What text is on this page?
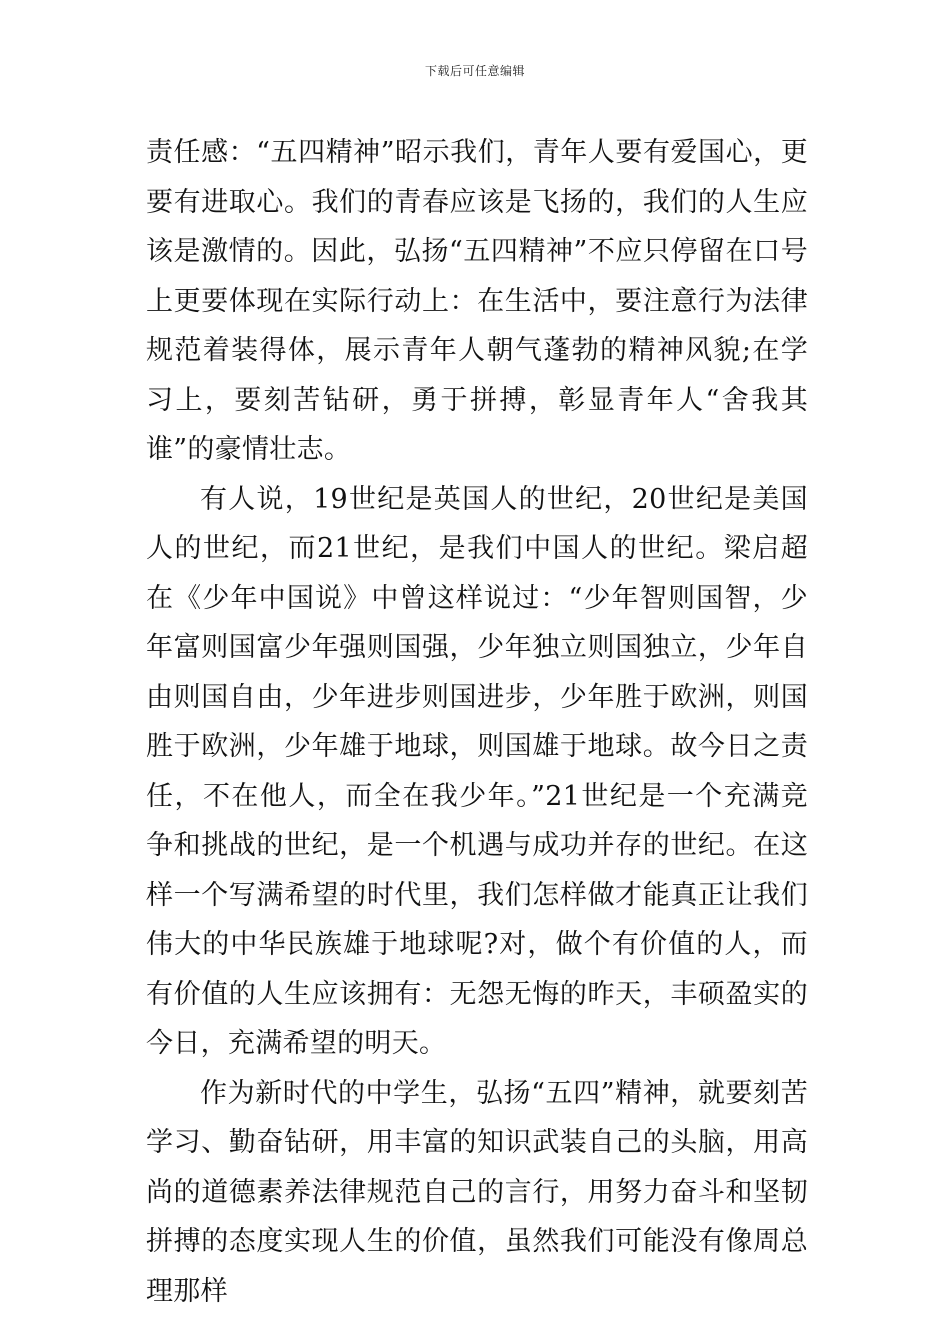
下载后可任意编辑

责任感：“五四精神”昭示我们，青年人要有爱国心，更要有进取心。我们的青春应该是飞扬的，我们的人生应该是激情的。因此，弘扬“五四精神”不应只停留在口号上更要体现在实际行动上：在生活中，要注意行为法律规范着装得体，展示青年人朝气蓬勃的精神风貌;在学习上，要刻苦钻研，勇于拼搏，彰显青年人“舍我其谁”的豪情壮志。

有人说，19世纪是英国人的世纪，20世纪是美国人的世纪，而21世纪，是我们中国人的世纪。梁启超在《少年中国说》中曾这样说过：“少年智则国智，少年富则国富少年强则国强，少年独立则国独立，少年自由则国自由，少年进步则国进步，少年胜于欧洲，则国胜于欧洲，少年雄于地球，则国雄于地球。故今日之责任，不在他人，而全在我少年。”21世纪是一个充满竞争和挑战的世纪，是一个机遇与成功并存的世纪。在这样一个写满希望的时代里，我们怎样做才能真正让我们伟大的中华民族雄于地球呢?对，做个有价值的人，而有价值的人生应该拥有：无怨无悔的昨天，丰硕盈实的今日，充满希望的明天。

作为新时代的中学生，弘扬“五四”精神，就要刻苦学习、勤奋钻研，用丰富的知识武装自己的头脑，用高尚的道德素养法律规范自己的言行，用努力奋斗和坚韧拼搏的态度实现人生的价值，虽然我们可能没有像周总理那样
